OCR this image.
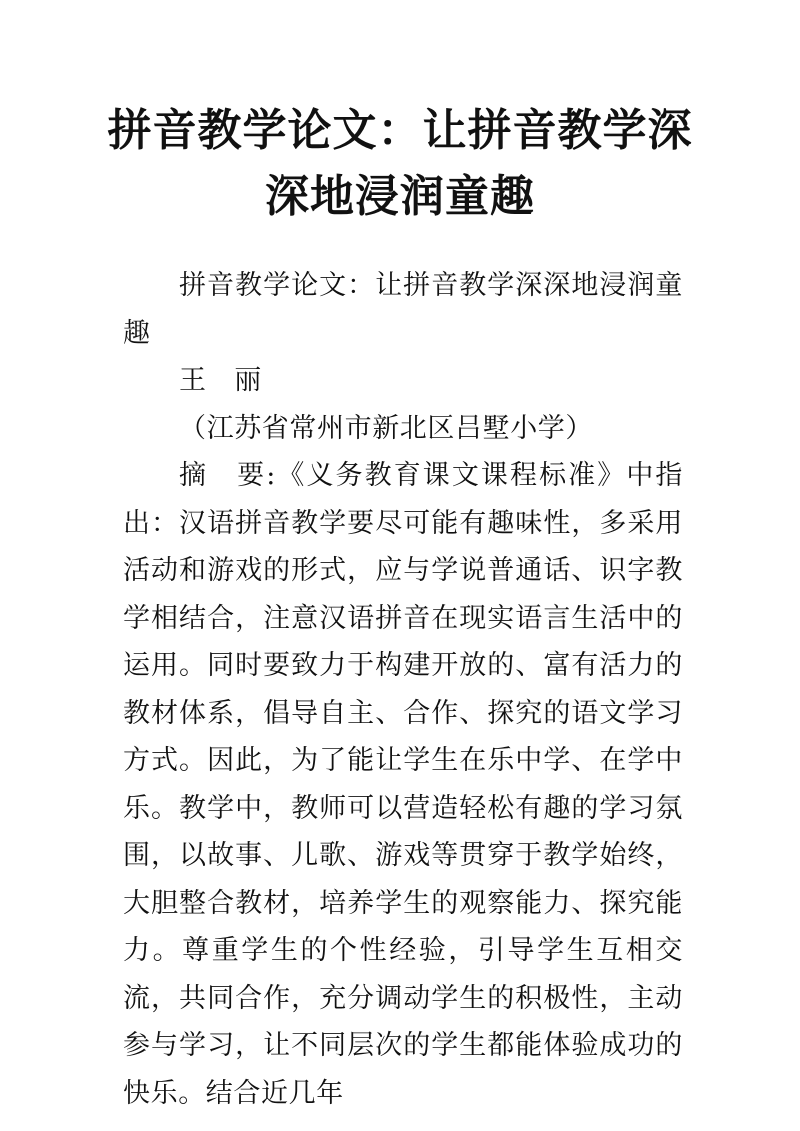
拼音教学论文：让拼音教学深深地浸润童趣

拼音教学论文：让拼音教学深深地浸润童趣

王　丽

（江苏省常州市新北区吕墅小学）

摘　要:《义务教育课文课程标准》中指出：汉语拼音教学要尽可能有趣味性，多采用活动和游戏的形式，应与学说普通话、识字教学相结合，注意汉语拼音在现实语言生活中的运用。同时要致力于构建开放的、富有活力的教材体系，倡导自主、合作、探究的语文学习方式。因此，为了能让学生在乐中学、在学中乐。教学中，教师可以营造轻松有趣的学习氛围，以故事、儿歌、游戏等贯穿于教学始终，大胆整合教材，培养学生的观察能力、探究能力。尊重学生的个性经验，引导学生互相交流，共同合作，充分调动学生的积极性，主动参与学习，让不同层次的学生都能体验成功的快乐。结合近几年
